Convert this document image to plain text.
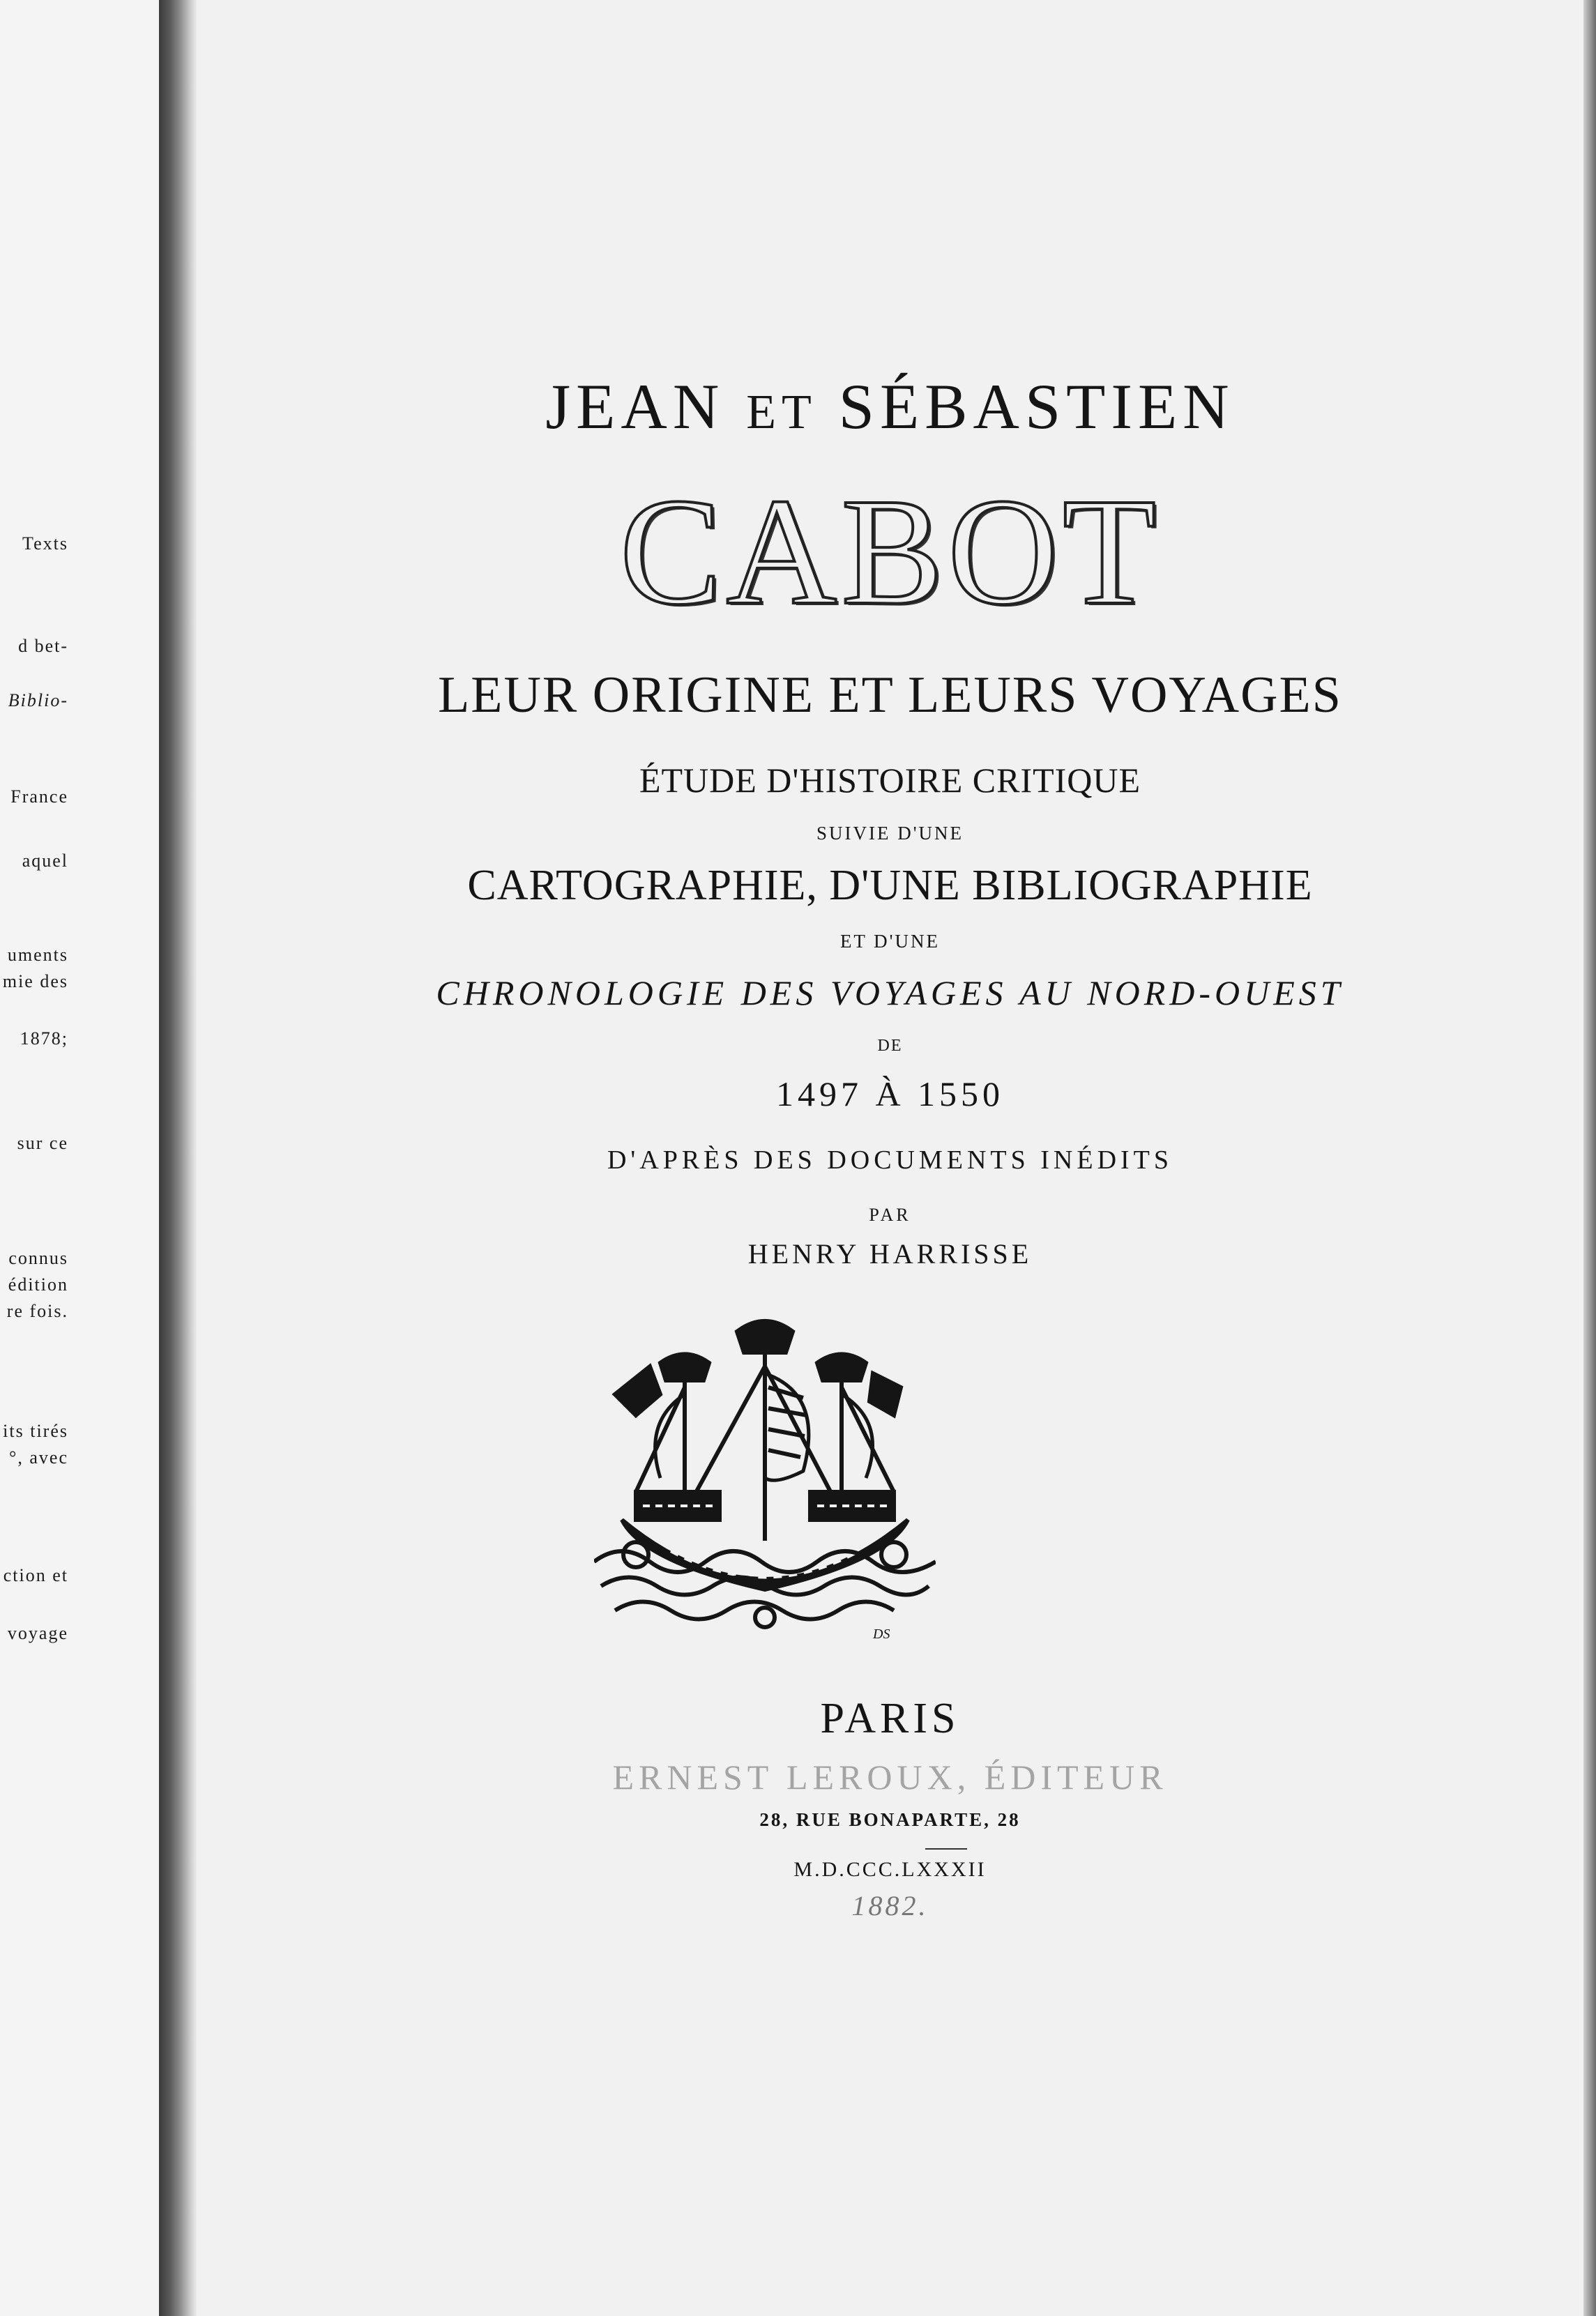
Texts
d bet-
Biblio-
France
aquel
uments
mie des
1878;
sur ce
connus
édition
re fois.
its tirés
°, avec
ction et
voyage
JEAN ET SÉBASTIEN
CABOT
LEUR ORIGINE ET LEURS VOYAGES
ÉTUDE D'HISTOIRE CRITIQUE
SUIVIE D'UNE
CARTOGRAPHIE, D'UNE BIBLIOGRAPHIE
ET D'UNE
CHRONOLOGIE DES VOYAGES AU NORD-OUEST
DE
1497 À 1550
D'APRÈS DES DOCUMENTS INÉDITS
PAR
HENRY HARRISSE
DS
PARIS
ERNEST LEROUX, ÉDITEUR
28, RUE BONAPARTE, 28
M.D.CCC.LXXXII
1882.
